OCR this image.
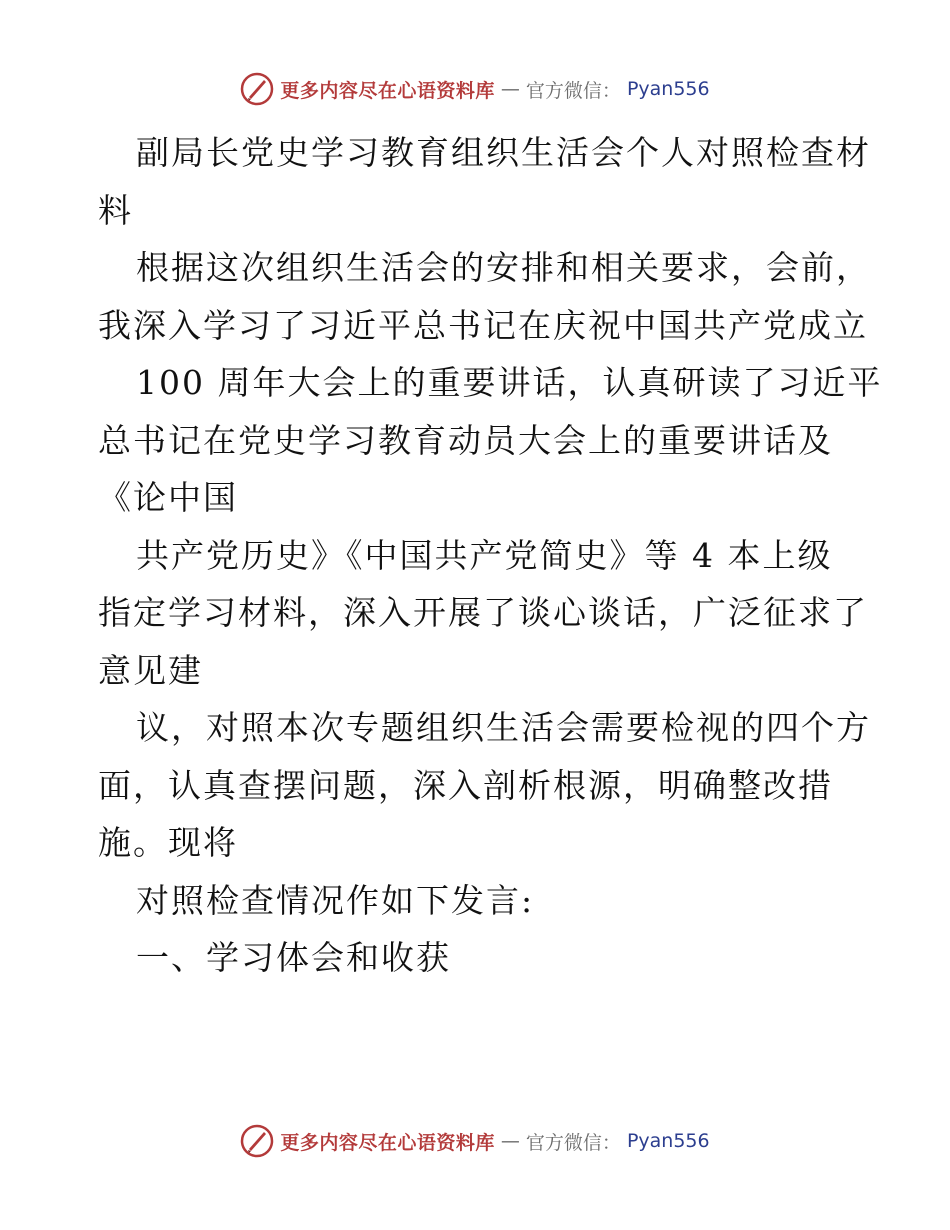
更多内容尽在心语资料库 — 官方微信： Pyan556
副局长党史学习教育组织生活会个人对照检查材
料
根据这次组织生活会的安排和相关要求，会前，
我深入学习了习近平总书记在庆祝中国共产党成立
100 周年大会上的重要讲话，认真研读了习近平
总书记在党史学习教育动员大会上的重要讲话及
《论中国
共产党历史》《中国共产党简史》等 4 本上级
指定学习材料，深入开展了谈心谈话，广泛征求了
意见建
议，对照本次专题组织生活会需要检视的四个方
面，认真查摆问题，深入剖析根源，明确整改措
施。现将
对照检查情况作如下发言:
一、学习体会和收获
更多内容尽在心语资料库 — 官方微信： Pyan556
